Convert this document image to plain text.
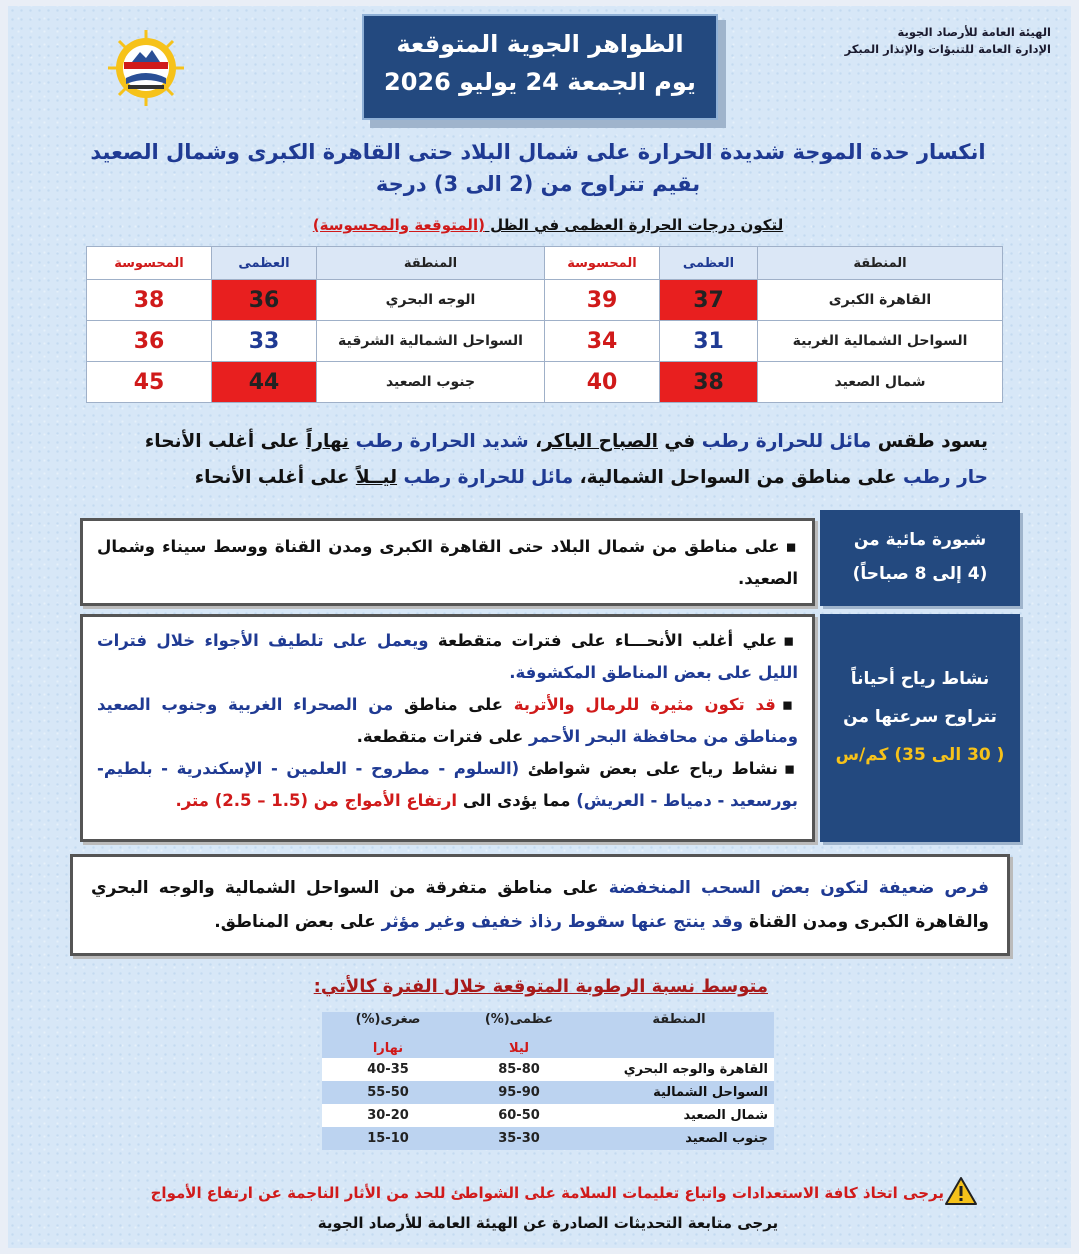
الهيئة العامة للأرصاد الجوية
الإدارة العامة للتنبؤات والإنذار المبكر
الظواهر الجوية المتوقعة
يوم الجمعة 24 يوليو 2026
انكسار حدة الموجة شديدة الحرارة على شمال البلاد حتى القاهرة الكبرى وشمال الصعيد
بقيم تتراوح من (2 الى 3) درجة
لتكون درجات الحرارة العظمى في الظل (المتوقعة والمحسوسة)
المنطقة	العظمى	المحسوسة	المنطقة	العظمى	المحسوسة
القاهرة الكبرى	37	39	الوجه البحري	36	38
السواحل الشمالية الغربية	31	34	السواحل الشمالية الشرقية	33	36
شمال الصعيد	38	40	جنوب الصعيد	44	45
يسود طقس مائل للحرارة رطب في الصباح الباكر، شديد الحرارة رطب نهاراً على أغلب الأنحاء
حار رطب على مناطق من السواحل الشمالية، مائل للحرارة رطب ليــلاً على أغلب الأنحاء
▪على مناطق من شمال البلاد حتى القاهرة الكبرى ومدن القناة ووسط سيناء وشمال الصعيد.
شبورة مائية من
(4 إلى 8 صباحاً)
▪علي أغلب الأنحـــاء على فترات متقطعة ويعمل على تلطيف الأجواء خلال فترات الليل على بعض المناطق المكشوفة.
▪قد تكون مثيرة للرمال والأتربة على مناطق من الصحراء الغربية وجنوب الصعيد ومناطق من محافظة البحر الأحمر على فترات متقطعة.
▪نشاط رياح على بعض شواطئ (السلوم - مطروح - العلمين - الإسكندرية - بلطيم- بورسعيد - دمياط - العريش) مما يؤدى الى ارتفاع الأمواج من (1.5 – 2.5) متر.
نشاط رياح أحياناً
تتراوح سرعتها من
( 30 الى 35) كم/س
فرص ضعيفة لتكون بعض السحب المنخفضة على مناطق متفرقة من السواحل الشمالية والوجه البحري والقاهرة الكبرى ومدن القناة وقد ينتج عنها سقوط رذاذ خفيف وغير مؤثر على بعض المناطق.
متوسط نسبة الرطوبة المتوقعة خلال الفترة كالأتي:
المنطقة	عظمى(%)	صغرى(%)
	ليلا	نهارا
القاهرة والوجه البحري	85-80	40-35
السواحل الشمالية	95-90	55-50
شمال الصعيد	60-50	30-20
جنوب الصعيد	35-30	15-10
يرجى اتخاذ كافة الاستعدادات واتباع تعليمات السلامة على الشواطئ للحد من الأثار الناجمة عن ارتفاع الأمواج
يرجى متابعة التحديثات الصادرة عن الهيئة العامة للأرصاد الجوية
